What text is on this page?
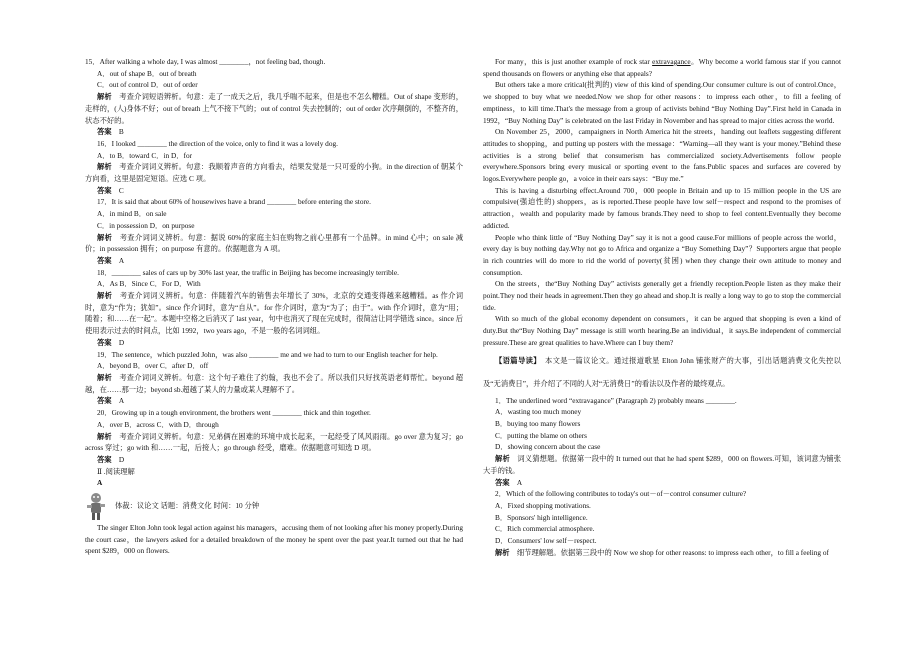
15．After walking a whole day, I was almost ________，not feeling bad, though.

A．out of shape B．out of breath

C．out of control D．out of order

解析　 考查介词短语辨析。句意：走了一成天之后，我几乎喘不起来，但是也不怎么糟糕。Out of shape 变形的，走样的，(人)身体不好；out of breath 上气不接下气的；out of control 失去控制的；out of order 次序颠倒的，不整齐的，状态不好的。

答案　 B

16．I looked ________ the direction of the voice, only to find it was a lovely dog.

A．to B．toward C．in D．for

解析　 考查介词词义辨析。句意：我顺着声音的方向看去，结果发觉是一只可爱的小狗。in the direction of 朝某个方向看，这里是固定短语。应选 C 项。

答案　 C

17．It is said that about 60% of housewives have a brand ________ before entering the store.

A．in mind B．on sale

C．in possession D．on purpose

解析　 考查介词词义辨析。句意：据说 60%的家庭主妇在购物之前心里都有一个品牌。in mind 心中；on sale 减价；in possession 拥有；on purpose 有意的。依据题意为 A 项。

答案　 A

18．________ sales of cars up by 30% last year, the traffic in Beijing has become increasingly terrible.

A．As B．Since C．For D．With

解析　 考查介词词义辨析。句意：伴随着汽车的销售去年增长了 30%，北京的交通变得越来越糟糕。as 作介词时，意为“作为；犹如”。since 作介词时，意为“自从”。for 作介词时，意为“为了；由于”。with 作介词时，意为“用；随着；和……在一起”。本题中空格之后消灭了 last year，句中也消灭了现在完成时，很简洁让同学错选 since。since 后使用表示过去的时间点，比如 1992，two years ago，不是一般的名词词组。

答案　 D

19．The sentence，which puzzled John，was also ________ me and we had to turn to our English teacher for help.

A．beyond B．over C．after D．off

解析　 考查介词词义辨析。句意：这个句子难住了约翰，我也不会了。所以我们只好找英语老师帮忙。beyond 超越，在……那一边；beyond sb.超越了某人的力量或某人理解不了。

答案　 A

20．Growing up in a tough environment, the brothers went ________ thick and thin together.

A．over B．across C．with D．through

解析　 考查介词词义辨析。句意：兄弟俩在困难的环境中成长起来，一起经受了风风雨雨。go over 意为复习；go across 穿过；go with 和……一起，后接人；go through 经受，磨难。依据题意可知选 D 项。

答案　 D

Ⅱ .阅读理解

A

体裁：议论文 话题：消费文化 时间：10 分钟

The singer Elton John took legal action against his managers，accusing them of not looking after his money properly.During the court case，the lawyers asked for a detailed breakdown of the money he spent over the past year.It turned out that he had spent $289，000 on flowers.

For many，this is just another example of rock star extravagance。Why become a world famous star if you cannot spend thousands on flowers or anything else that appeals?

But others take a more critical(批判的) view of this kind of spending.Our consumer culture is out of control.Once，we shopped to buy what we needed.Now we shop for other reasons：to impress each other，to fill a feeling of emptiness，to kill time.That's the message from a group of activists behind “Buy Nothing Day”.First held in Canada in 1992，“Buy Nothing Day” is celebrated on the last Friday in November and has spread to major cities across the world.

On November 25，2000，campaigners in North America hit the streets，handing out leaflets suggesting different attitudes to shopping，and putting up posters with the message：“Warning—all they want is your money.”Behind these activities is a strong belief that consumerism has commercialized society.Advertisements follow people everywhere.Sponsors bring every musical or sporting event to the fans.Public spaces and surfaces are covered by logos.Everywhere people go，a voice in their ears says：“Buy me.”

This is having a disturbing effect.Around 700，000 people in Britain and up to 15 million people in the US are compulsive(强迫性的) shoppers，as is reported.These people have low self－respect and respond to the promises of attraction，wealth and popularity made by famous brands.They need to shop to feel content.Eventually they become addicted.

People who think little of “Buy Nothing Day” say it is not a good cause.For millions of people across the world，every day is buy nothing day.Why not go to Africa and organize a “Buy Something Day”？Supporters argue that people in rich countries will do more to rid the world of poverty(贫困) when they change their own attitude to money and consumption.

On the streets，the“Buy Nothing Day” activists generally get a friendly reception.People listen as they make their point.They nod their heads in agreement.Then they go ahead and shop.It is really a long way to go to stop the commercial tide.

With so much of the global economy dependent on consumers，it can be argued that shopping is even a kind of duty.But the“Buy Nothing Day” message is still worth hearing.Be an individual，it says.Be independent of commercial pressure.These are great qualities to have.Where can I buy them?

【语篇导读】　 本文是一篇议论文。通过报道歌星 Elton John 铺张财产的大事，引出话题消费文化失控以及“无消费日”，并介绍了不同的人对“无消费日”的看法以及作者的最终观点。

1．The underlined word “extravagance” (Paragraph 2) probably means ________.

A．wasting too much money

B．buying too many flowers

C．putting the blame on others

D．showing concern about the case

解析　 词义猜想题。依据第一段中的 It turned out that he had spent $289，000 on flowers.可知，该词意为铺张大手的钱。

答案　 A

2．Which of the following contributes to today's out－of－control consumer culture?

A．Fixed shopping motivations.

B．Sponsors' high intelligence.

C．Rich commercial atmosphere.

D．Consumers' low self－respect.

解析　 细节理解题。依据第三段中的 Now we shop for other reasons: to impress each other，to fill a feeling of
